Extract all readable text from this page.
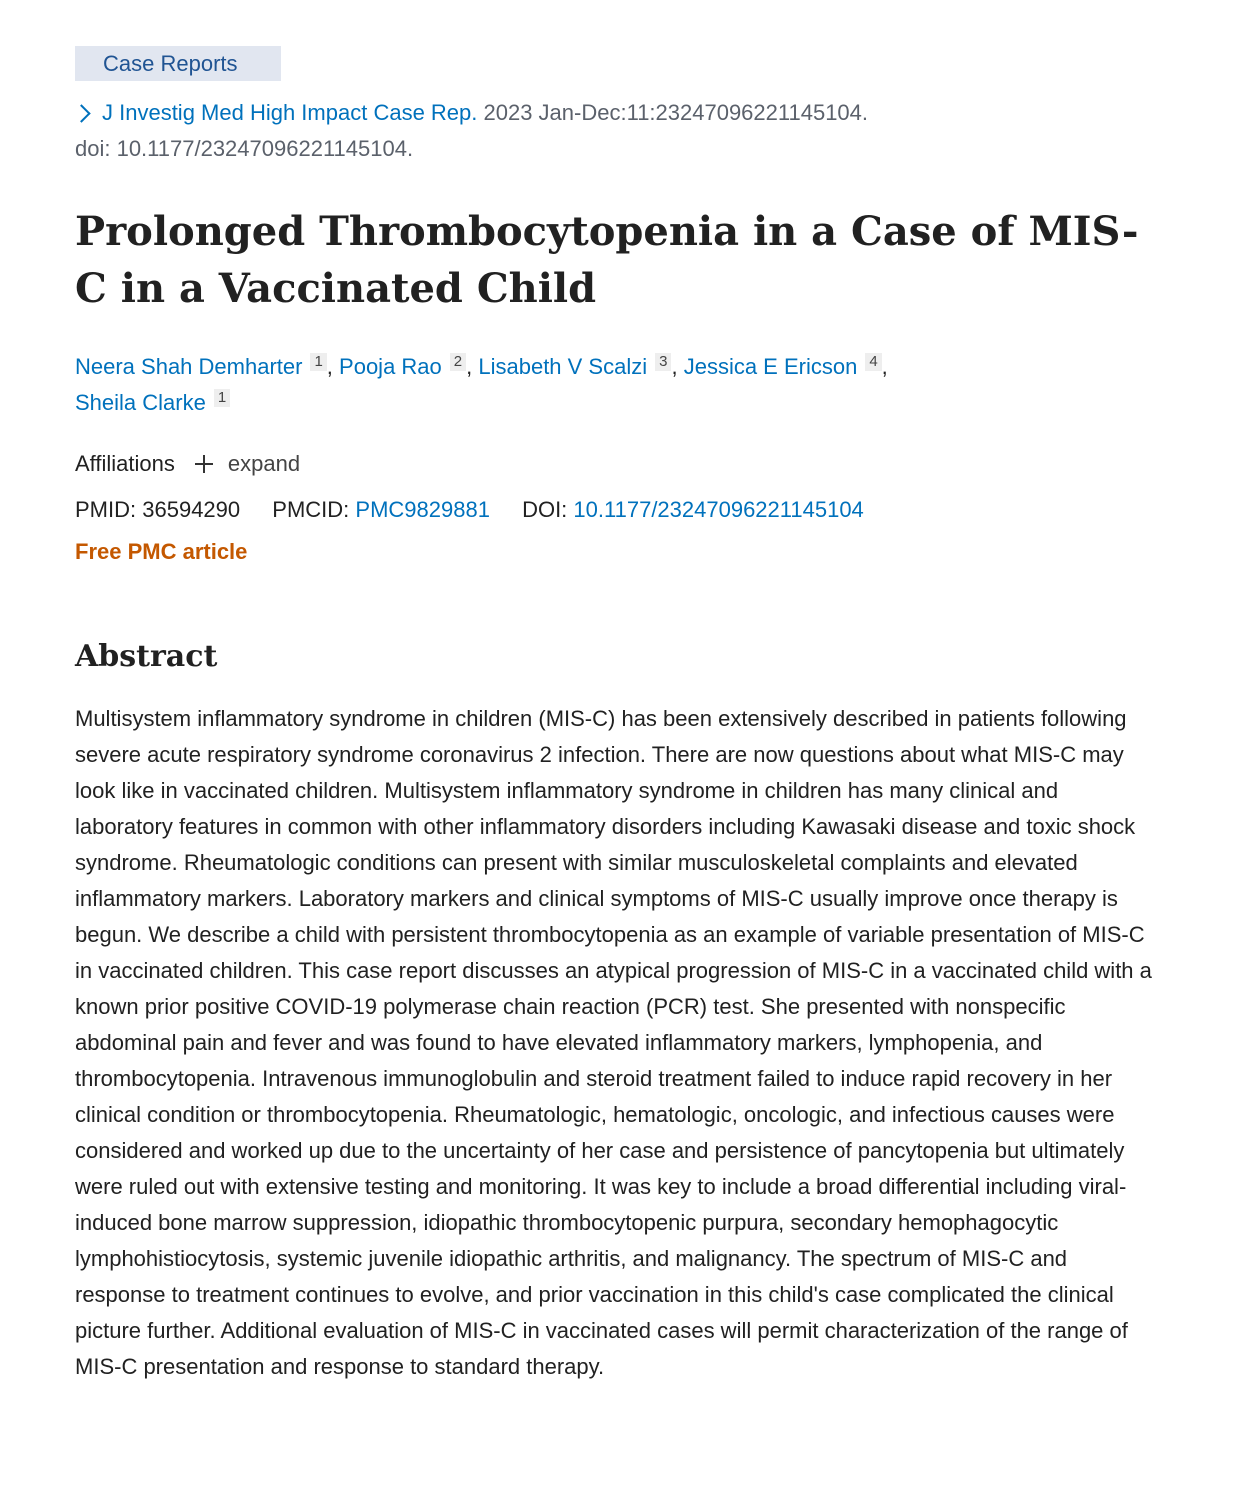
Case Reports
J Investig Med High Impact Case Rep. 2023 Jan-Dec:11:23247096221145104.
doi: 10.1177/23247096221145104.
Prolonged Thrombocytopenia in a Case of MIS-C in a Vaccinated Child
Neera Shah Demharter 1 , Pooja Rao 2 , Lisabeth V Scalzi 3 , Jessica E Ericson 4 ,
Sheila Clarke 1
Affiliations expand
PMID: 36594290 PMCID: PMC9829881 DOI: 10.1177/23247096221145104
Free PMC article
Abstract
Multisystem inflammatory syndrome in children (MIS-C) has been extensively described in patients following severe acute respiratory syndrome coronavirus 2 infection. There are now questions about what MIS-C may look like in vaccinated children. Multisystem inflammatory syndrome in children has many clinical and laboratory features in common with other inflammatory disorders including Kawasaki disease and toxic shock syndrome. Rheumatologic conditions can present with similar musculoskeletal complaints and elevated inflammatory markers. Laboratory markers and clinical symptoms of MIS-C usually improve once therapy is begun. We describe a child with persistent thrombocytopenia as an example of variable presentation of MIS-C in vaccinated children. This case report discusses an atypical progression of MIS-C in a vaccinated child with a known prior positive COVID-19 polymerase chain reaction (PCR) test. She presented with nonspecific abdominal pain and fever and was found to have elevated inflammatory markers, lymphopenia, and thrombocytopenia. Intravenous immunoglobulin and steroid treatment failed to induce rapid recovery in her clinical condition or thrombocytopenia. Rheumatologic, hematologic, oncologic, and infectious causes were considered and worked up due to the uncertainty of her case and persistence of pancytopenia but ultimately were ruled out with extensive testing and monitoring. It was key to include a broad differential including viral-induced bone marrow suppression, idiopathic thrombocytopenic purpura, secondary hemophagocytic lymphohistiocytosis, systemic juvenile idiopathic arthritis, and malignancy. The spectrum of MIS-C and response to treatment continues to evolve, and prior vaccination in this child's case complicated the clinical picture further. Additional evaluation of MIS-C in vaccinated cases will permit characterization of the range of MIS-C presentation and response to standard therapy.
